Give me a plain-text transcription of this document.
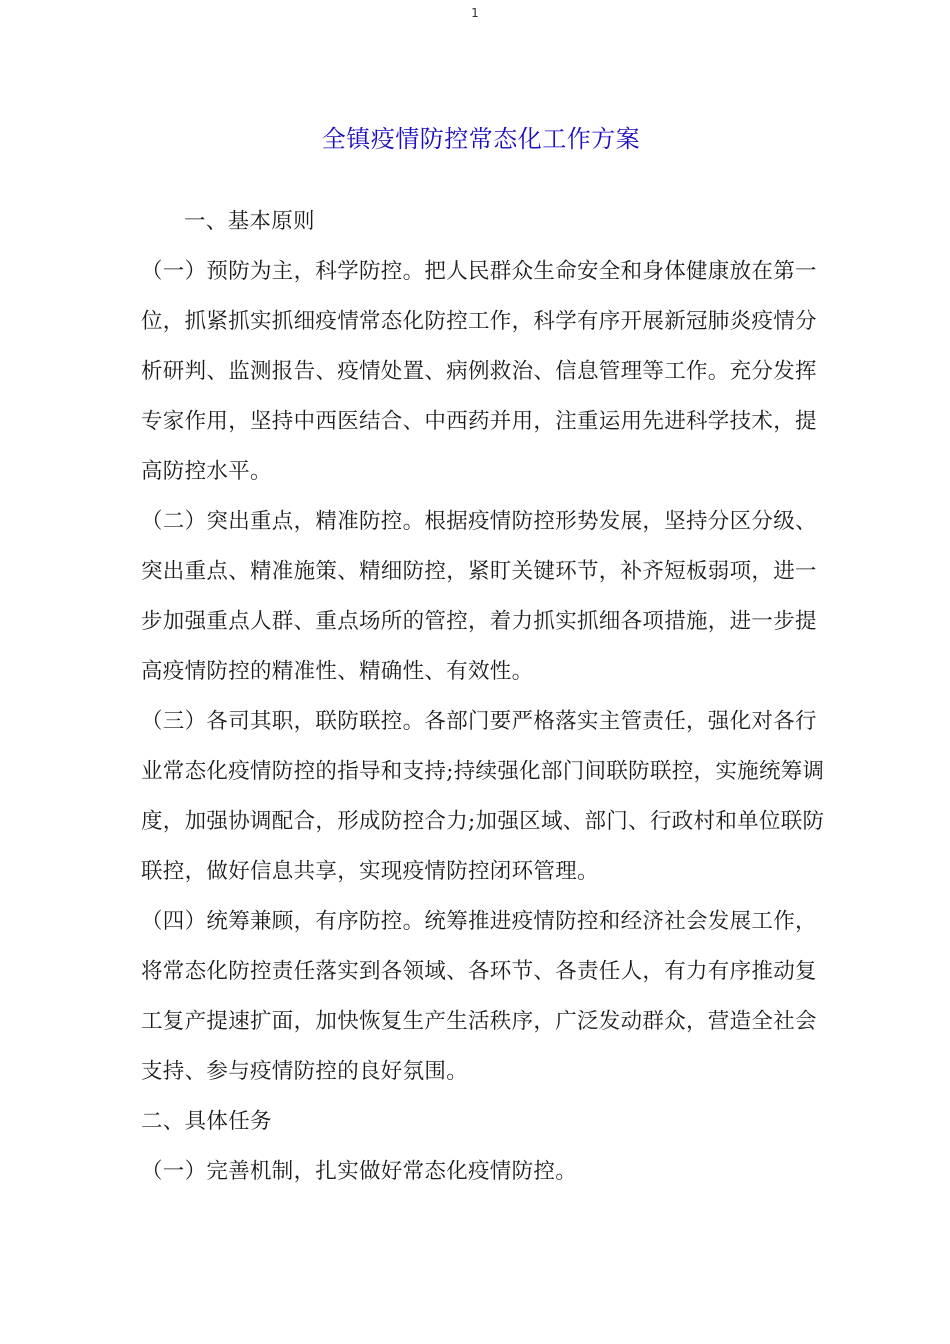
1
全镇疫情防控常态化工作方案

一、基本原则

（一）预防为主，科学防控。把人民群众生命安全和身体健康放在第一位，抓紧抓实抓细疫情常态化防控工作，科学有序开展新冠肺炎疫情分析研判、监测报告、疫情处置、病例救治、信息管理等工作。充分发挥专家作用，坚持中西医结合、中西药并用，注重运用先进科学技术，提高防控水平。

（二）突出重点，精准防控。根据疫情防控形势发展，坚持分区分级、突出重点、精准施策、精细防控，紧盯关键环节，补齐短板弱项，进一步加强重点人群、重点场所的管控，着力抓实抓细各项措施，进一步提高疫情防控的精准性、精确性、有效性。

（三）各司其职，联防联控。各部门要严格落实主管责任，强化对各行业常态化疫情防控的指导和支持;持续强化部门间联防联控，实施统筹调度，加强协调配合，形成防控合力;加强区域、部门、行政村和单位联防联控，做好信息共享，实现疫情防控闭环管理。

（四）统筹兼顾，有序防控。统筹推进疫情防控和经济社会发展工作，将常态化防控责任落实到各领域、各环节、各责任人，有力有序推动复工复产提速扩面，加快恢复生产生活秩序，广泛发动群众，营造全社会支持、参与疫情防控的良好氛围。

二、具体任务

（一）完善机制，扎实做好常态化疫情防控。
